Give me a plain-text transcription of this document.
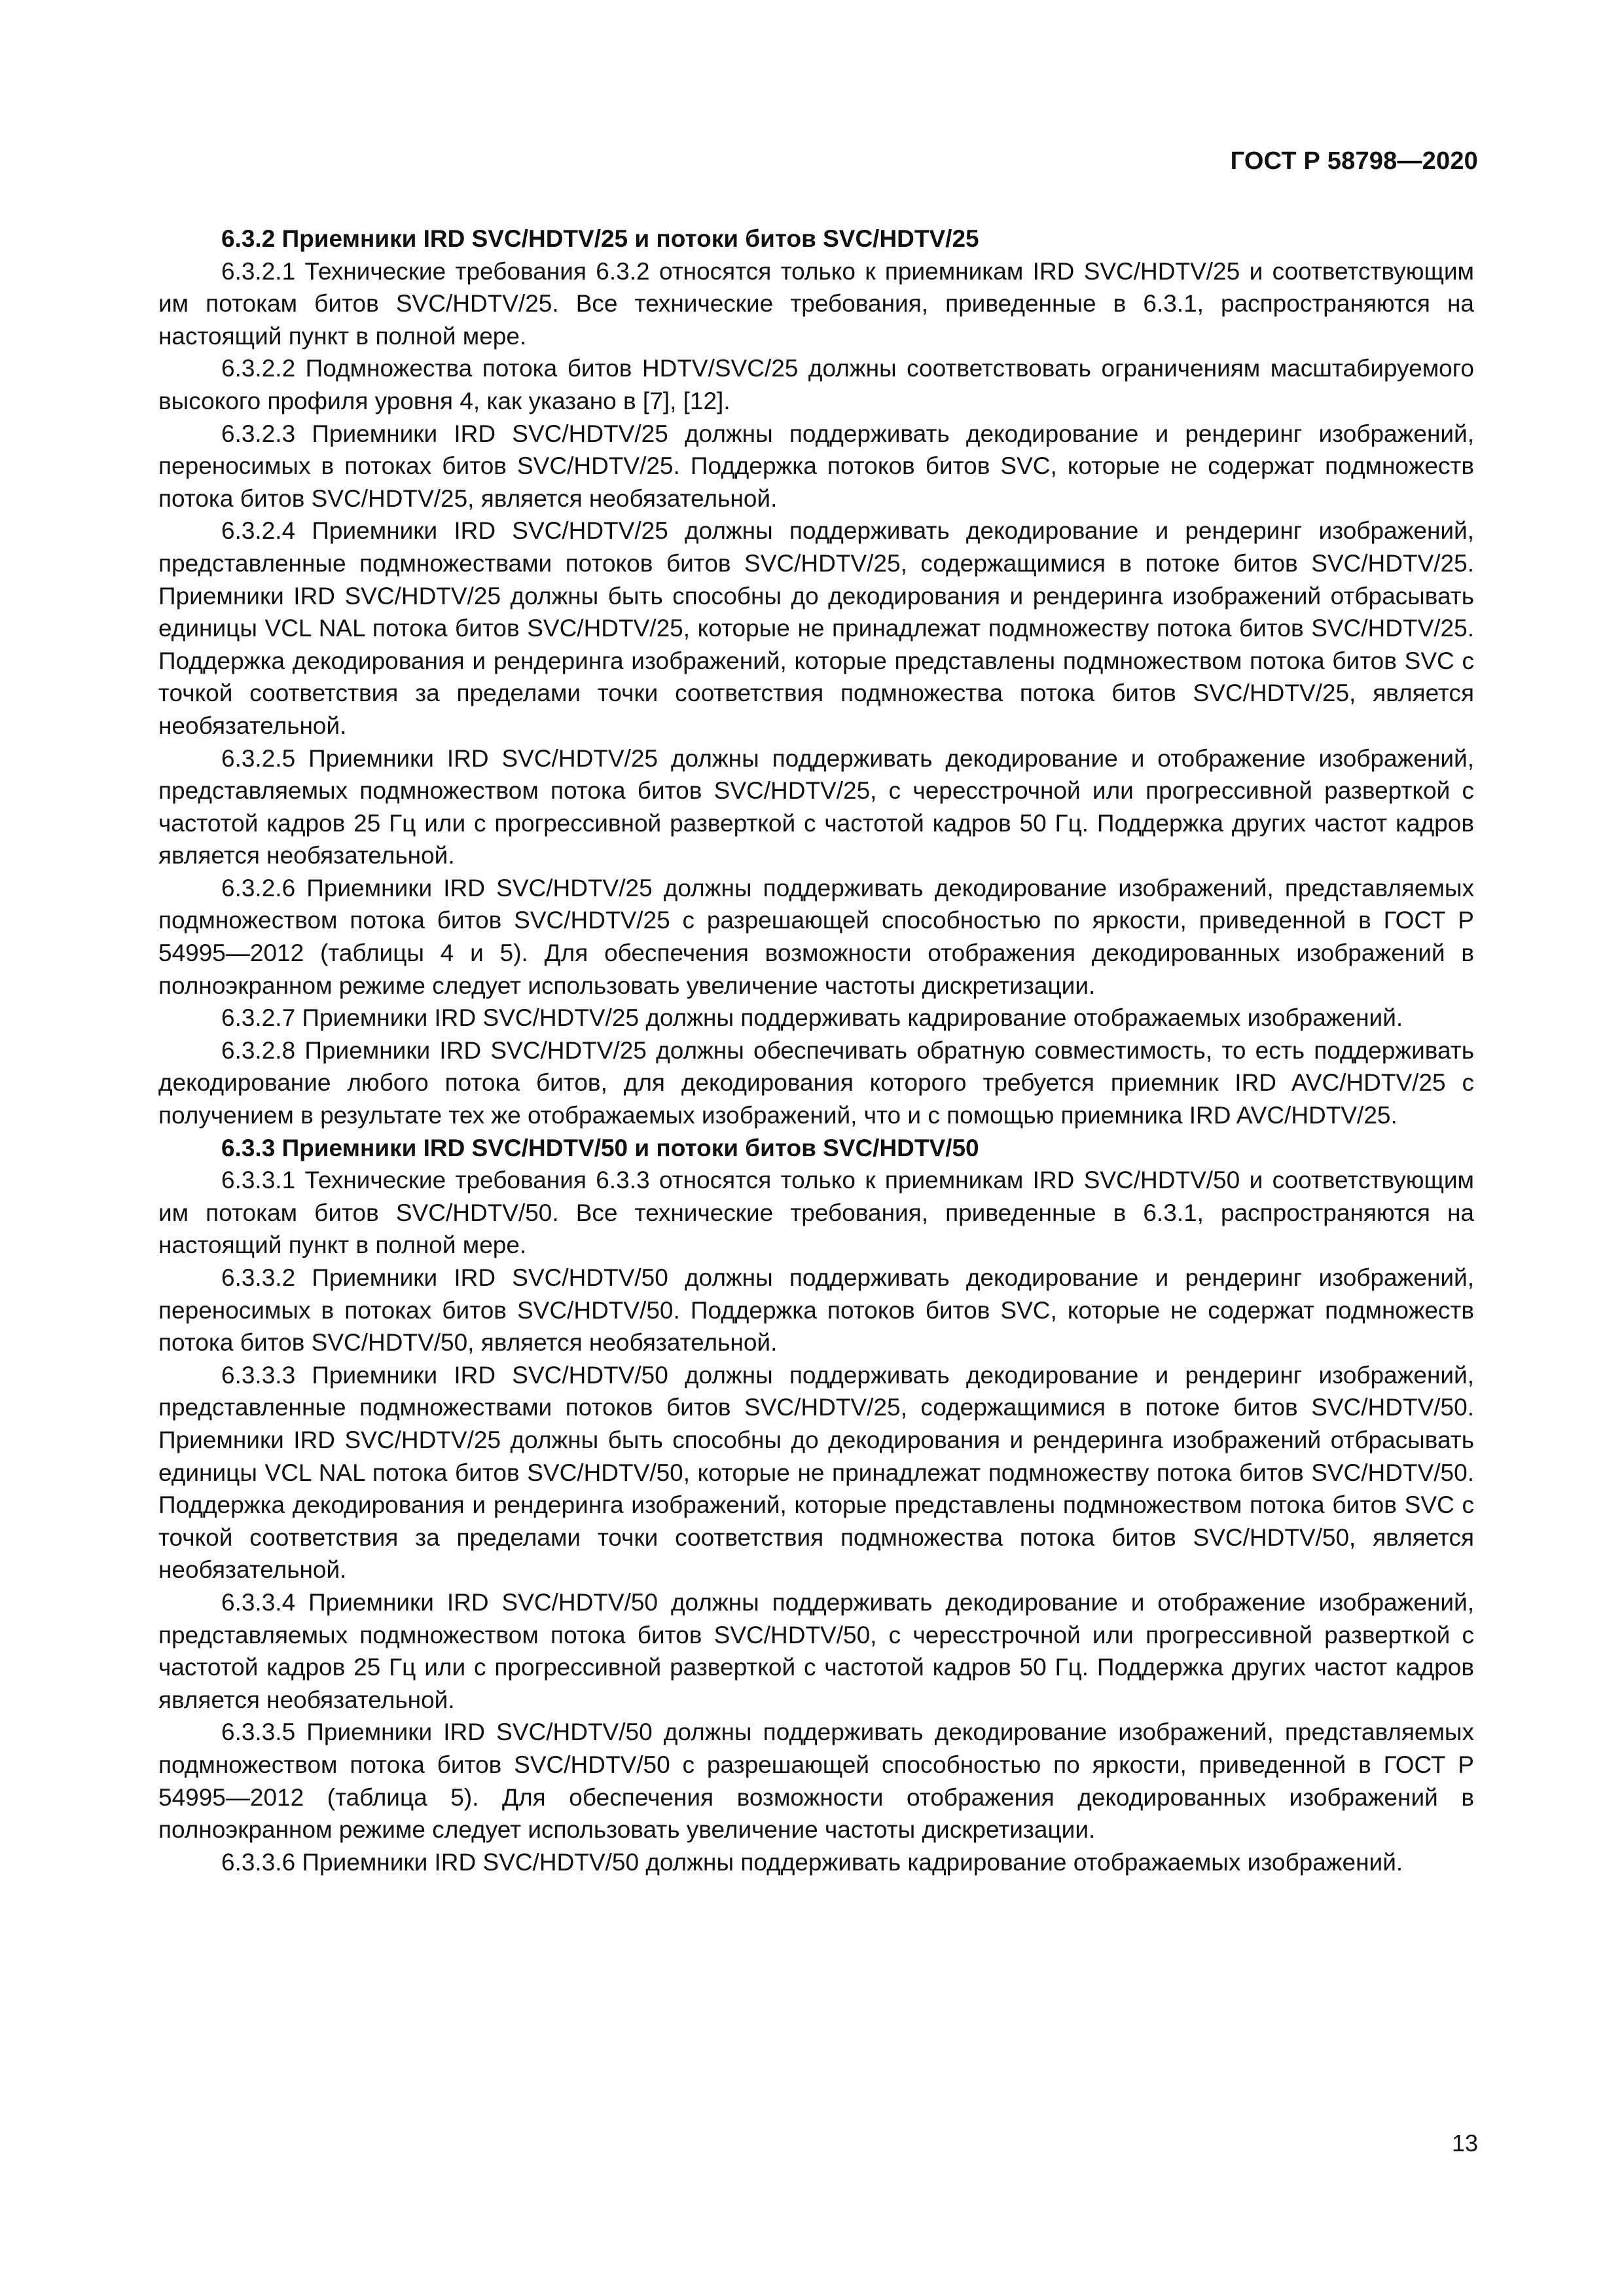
ГОСТ Р 58798—2020

6.3.2 Приемники IRD SVC/HDTV/25 и потоки битов SVC/HDTV/25

6.3.2.1 Технические требования 6.3.2 относятся только к приемникам IRD SVC/HDTV/25 и соответствующим им потокам битов SVC/HDTV/25. Все технические требования, приведенные в 6.3.1, распространяются на настоящий пункт в полной мере.

6.3.2.2 Подмножества потока битов HDTV/SVC/25 должны соответствовать ограничениям масштабируемого высокого профиля уровня 4, как указано в [7], [12].

6.3.2.3 Приемники IRD SVC/HDTV/25 должны поддерживать декодирование и рендеринг изображений, переносимых в потоках битов SVC/HDTV/25. Поддержка потоков битов SVC, которые не содержат подмножеств потока битов SVC/HDTV/25, является необязательной.

6.3.2.4 Приемники IRD SVC/HDTV/25 должны поддерживать декодирование и рендеринг изображений, представленные подмножествами потоков битов SVC/HDTV/25, содержащимися в потоке битов SVC/HDTV/25. Приемники IRD SVC/HDTV/25 должны быть способны до декодирования и рендеринга изображений отбрасывать единицы VCL NAL потока битов SVC/HDTV/25, которые не принадлежат подмножеству потока битов SVC/HDTV/25. Поддержка декодирования и рендеринга изображений, которые представлены подмножеством потока битов SVC с точкой соответствия за пределами точки соответствия подмножества потока битов SVC/HDTV/25, является необязательной.

6.3.2.5 Приемники IRD SVC/HDTV/25 должны поддерживать декодирование и отображение изображений, представляемых подмножеством потока битов SVC/HDTV/25, с чересстрочной или прогрессивной разверткой с частотой кадров 25 Гц или с прогрессивной разверткой с частотой кадров 50 Гц. Поддержка других частот кадров является необязательной.

6.3.2.6 Приемники IRD SVC/HDTV/25 должны поддерживать декодирование изображений, представляемых подмножеством потока битов SVC/HDTV/25 с разрешающей способностью по яркости, приведенной в ГОСТ Р 54995—2012 (таблицы 4 и 5). Для обеспечения возможности отображения декодированных изображений в полноэкранном режиме следует использовать увеличение частоты дискретизации.

6.3.2.7 Приемники IRD SVC/HDTV/25 должны поддерживать кадрирование отображаемых изображений.

6.3.2.8 Приемники IRD SVC/HDTV/25 должны обеспечивать обратную совместимость, то есть поддерживать декодирование любого потока битов, для декодирования которого требуется приемник IRD AVC/HDTV/25 с получением в результате тех же отображаемых изображений, что и с помощью приемника IRD AVC/HDTV/25.

6.3.3 Приемники IRD SVC/HDTV/50 и потоки битов SVC/HDTV/50

6.3.3.1 Технические требования 6.3.3 относятся только к приемникам IRD SVC/HDTV/50 и соответствующим им потокам битов SVC/HDTV/50. Все технические требования, приведенные в 6.3.1, распространяются на настоящий пункт в полной мере.

6.3.3.2 Приемники IRD SVC/HDTV/50 должны поддерживать декодирование и рендеринг изображений, переносимых в потоках битов SVC/HDTV/50. Поддержка потоков битов SVC, которые не содержат подмножеств потока битов SVC/HDTV/50, является необязательной.

6.3.3.3 Приемники IRD SVC/HDTV/50 должны поддерживать декодирование и рендеринг изображений, представленные подмножествами потоков битов SVC/HDTV/25, содержащимися в потоке битов SVC/HDTV/50. Приемники IRD SVC/HDTV/25 должны быть способны до декодирования и рендеринга изображений отбрасывать единицы VCL NAL потока битов SVC/HDTV/50, которые не принадлежат подмножеству потока битов SVC/HDTV/50. Поддержка декодирования и рендеринга изображений, которые представлены подмножеством потока битов SVC с точкой соответствия за пределами точки соответствия подмножества потока битов SVC/HDTV/50, является необязательной.

6.3.3.4 Приемники IRD SVC/HDTV/50 должны поддерживать декодирование и отображение изображений, представляемых подмножеством потока битов SVC/HDTV/50, с чересстрочной или прогрессивной разверткой с частотой кадров 25 Гц или с прогрессивной разверткой с частотой кадров 50 Гц. Поддержка других частот кадров является необязательной.

6.3.3.5 Приемники IRD SVC/HDTV/50 должны поддерживать декодирование изображений, представляемых подмножеством потока битов SVC/HDTV/50 с разрешающей способностью по яркости, приведенной в ГОСТ Р 54995—2012 (таблица 5). Для обеспечения возможности отображения декодированных изображений в полноэкранном режиме следует использовать увеличение частоты дискретизации.

6.3.3.6 Приемники IRD SVC/HDTV/50 должны поддерживать кадрирование отображаемых изображений.

13
